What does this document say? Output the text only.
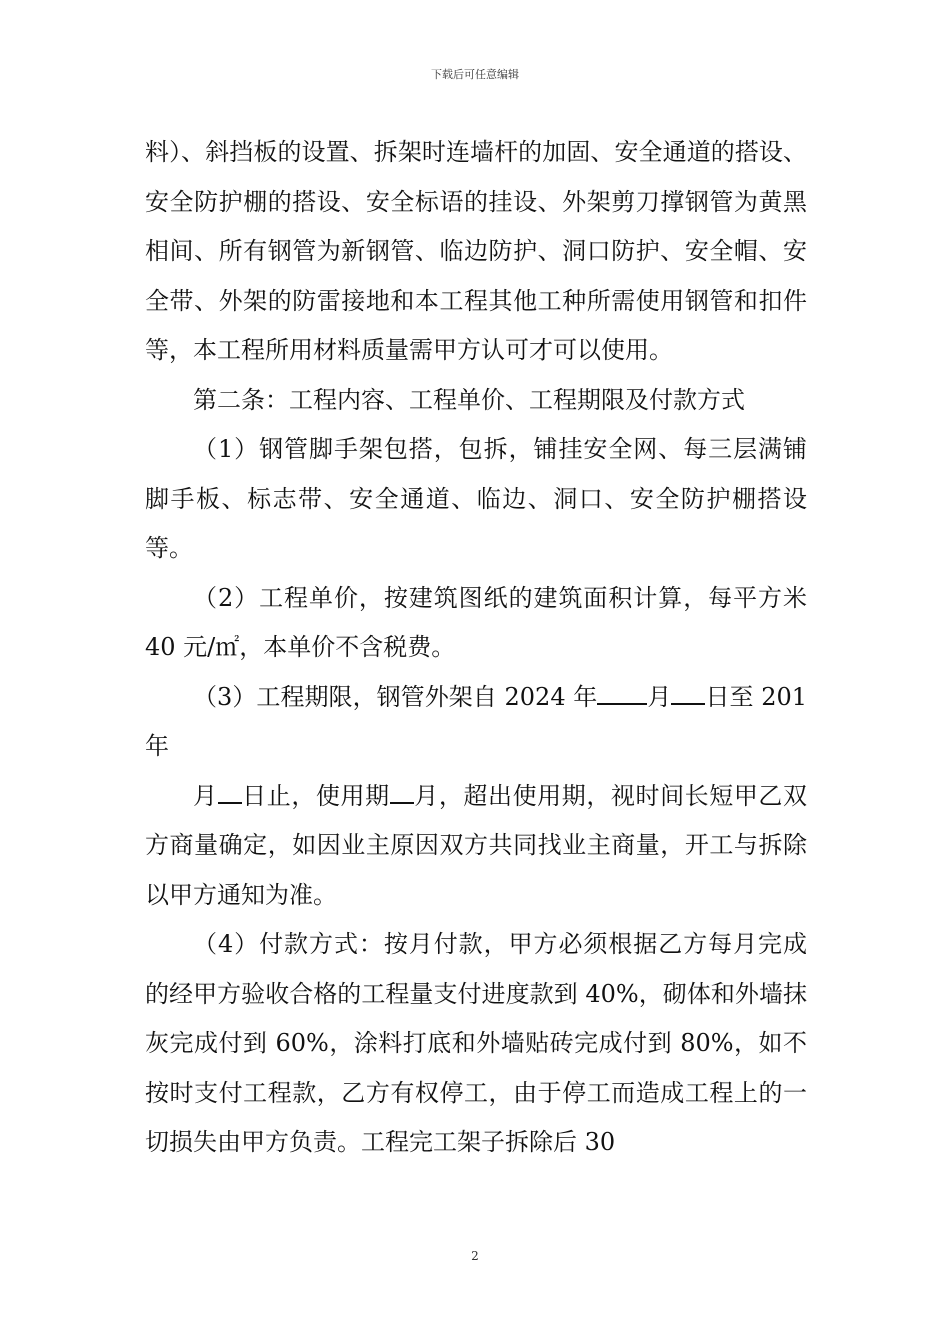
下载后可任意编辑

料）、斜挡板的设置、拆架时连墙杆的加固、安全通道的搭设、安全防护棚的搭设、安全标语的挂设、外架剪刀撑钢管为黄黑相间、所有钢管为新钢管、临边防护、洞口防护、安全帽、安全带、外架的防雷接地和本工程其他工种所需使用钢管和扣件等，本工程所用材料质量需甲方认可才可以使用。

第二条：工程内容、工程单价、工程期限及付款方式

（1）钢管脚手架包搭，包拆，铺挂安全网、每三层满铺脚手板、标志带、安全通道、临边、洞口、安全防护棚搭设等。

（2）工程单价，按建筑图纸的建筑面积计算，每平方米 40 元/㎡，本单价不含税费。

（3）工程期限，钢管外架自 2024 年 月 日至 201 年

月 日止，使用期 月，超出使用期，视时间长短甲乙双方商量确定，如因业主原因双方共同找业主商量，开工与拆除以甲方通知为准。

（4）付款方式：按月付款，甲方必须根据乙方每月完成的经甲方验收合格的工程量支付进度款到 40%，砌体和外墙抹灰完成付到 60%，涂料打底和外墙贴砖完成付到 80%，如不按时支付工程款，乙方有权停工，由于停工而造成工程上的一切损失由甲方负责。工程完工架子拆除后 30

2
